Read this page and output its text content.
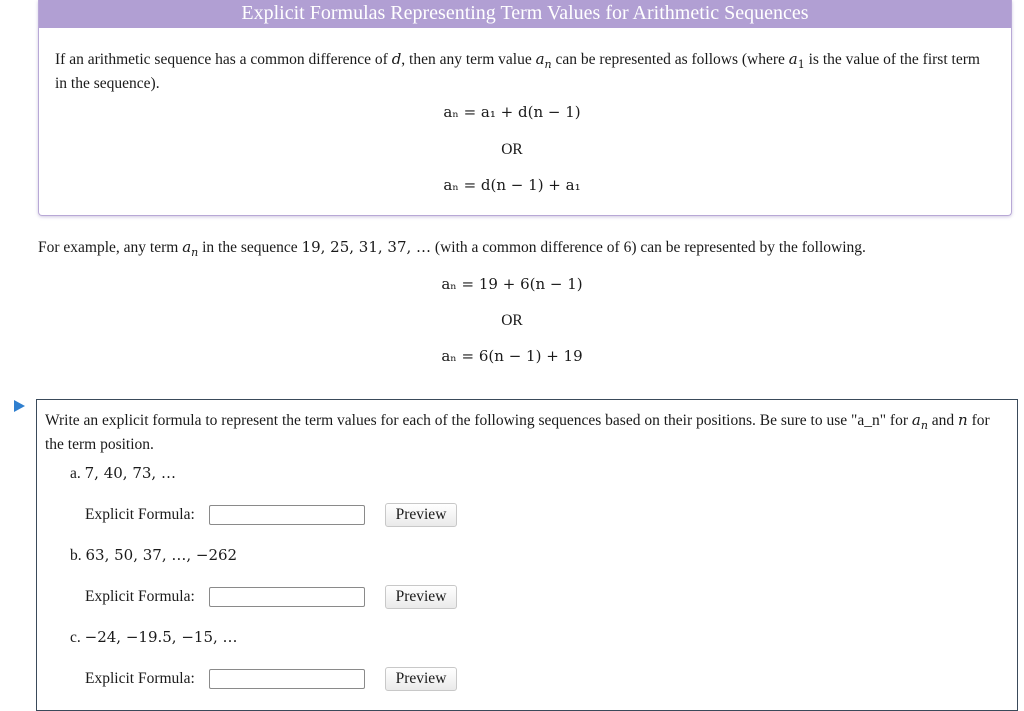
Explicit Formulas Representing Term Values for Arithmetic Sequences
If an arithmetic sequence has a common difference of d, then any term value $a_n$ can be represented as follows (where $a_1$ is the value of the first term in the sequence).
aₙ = a₁ + d(n − 1)
OR
aₙ = d(n − 1) + a₁
For example, any term $a_n$ in the sequence 19, 25, 31, 37, … (with a common difference of 6) can be represented by the following.
aₙ = 19 + 6(n − 1)
OR
aₙ = 6(n − 1) + 19
Write an explicit formula to represent the term values for each of the following sequences based on their positions. Be sure to use "a_n" for $a_n$ and n for the term position.
a. 7, 40, 73, …
Explicit Formula:	Preview
b. 63, 50, 37, …, −262
Explicit Formula:	Preview
c. −24, −19.5, −15, …
Explicit Formula:	Preview
